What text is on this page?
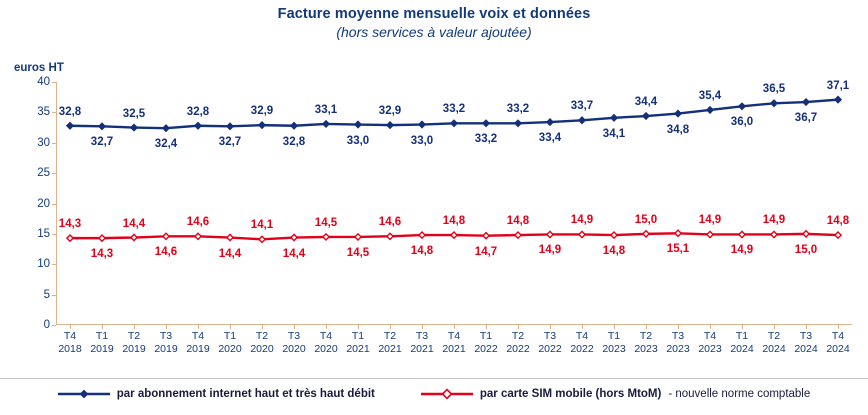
Facture moyenne mensuelle voix et données
(hors services à valeur ajoutée)
euros HT
0
5
10
15
20
25
30
35
40
32,8
32,7
32,5
32,4
32,8
32,7
32,9
32,8
33,1
33,0
32,9
33,0
33,2
33,2
33,2
33,4
33,7
34,1
34,4
34,8
35,4
36,0
36,5
36,7
37,1
14,3
14,3
14,4
14,6
14,6
14,4
14,1
14,4
14,5
14,5
14,6
14,8
14,8
14,7
14,8
14,9
14,9
14,8
15,0
15,1
14,9
14,9
14,9
15,0
14,8
T4
2018
T1
2019
T2
2019
T3
2019
T4
2019
T1
2020
T2
2020
T3
2020
T4
2020
T1
2021
T2
2021
T3
2021
T4
2021
T1
2022
T2
2022
T3
2022
T4
2022
T1
2023
T2
2023
T3
2023
T4
2023
T1
2024
T2
2024
T3
2024
T4
2024
par abonnement internet haut et très haut débit	par carte SIM mobile (hors MtoM) - nouvelle norme comptable
